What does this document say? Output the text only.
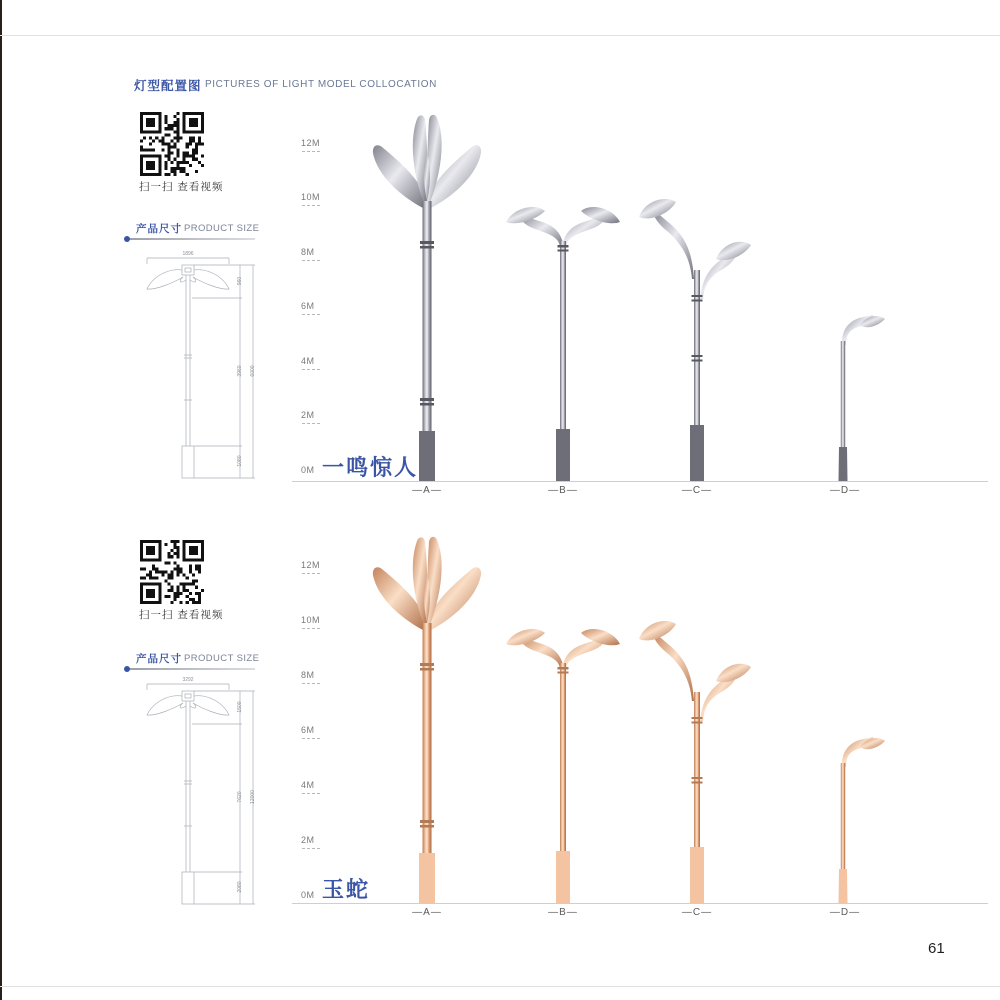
灯型配置图 PICTURES OF LIGHT MODEL COLLOCATION
扫一扫 查看视频
产品尺寸 PRODUCT SIZE
1896
960
3960
1080
6000
12M
10M
8M
6M
4M
2M
0M 一鸣惊人
—A—	—B—	—C—	—D—
扫一扫 查看视频
产品尺寸 PRODUCT SIZE
3292
1500
7620
2080
12000
12M
10M
8M
6M
4M
2M
0M 玉蛇
—A—	—B—	—C—	—D—
61
